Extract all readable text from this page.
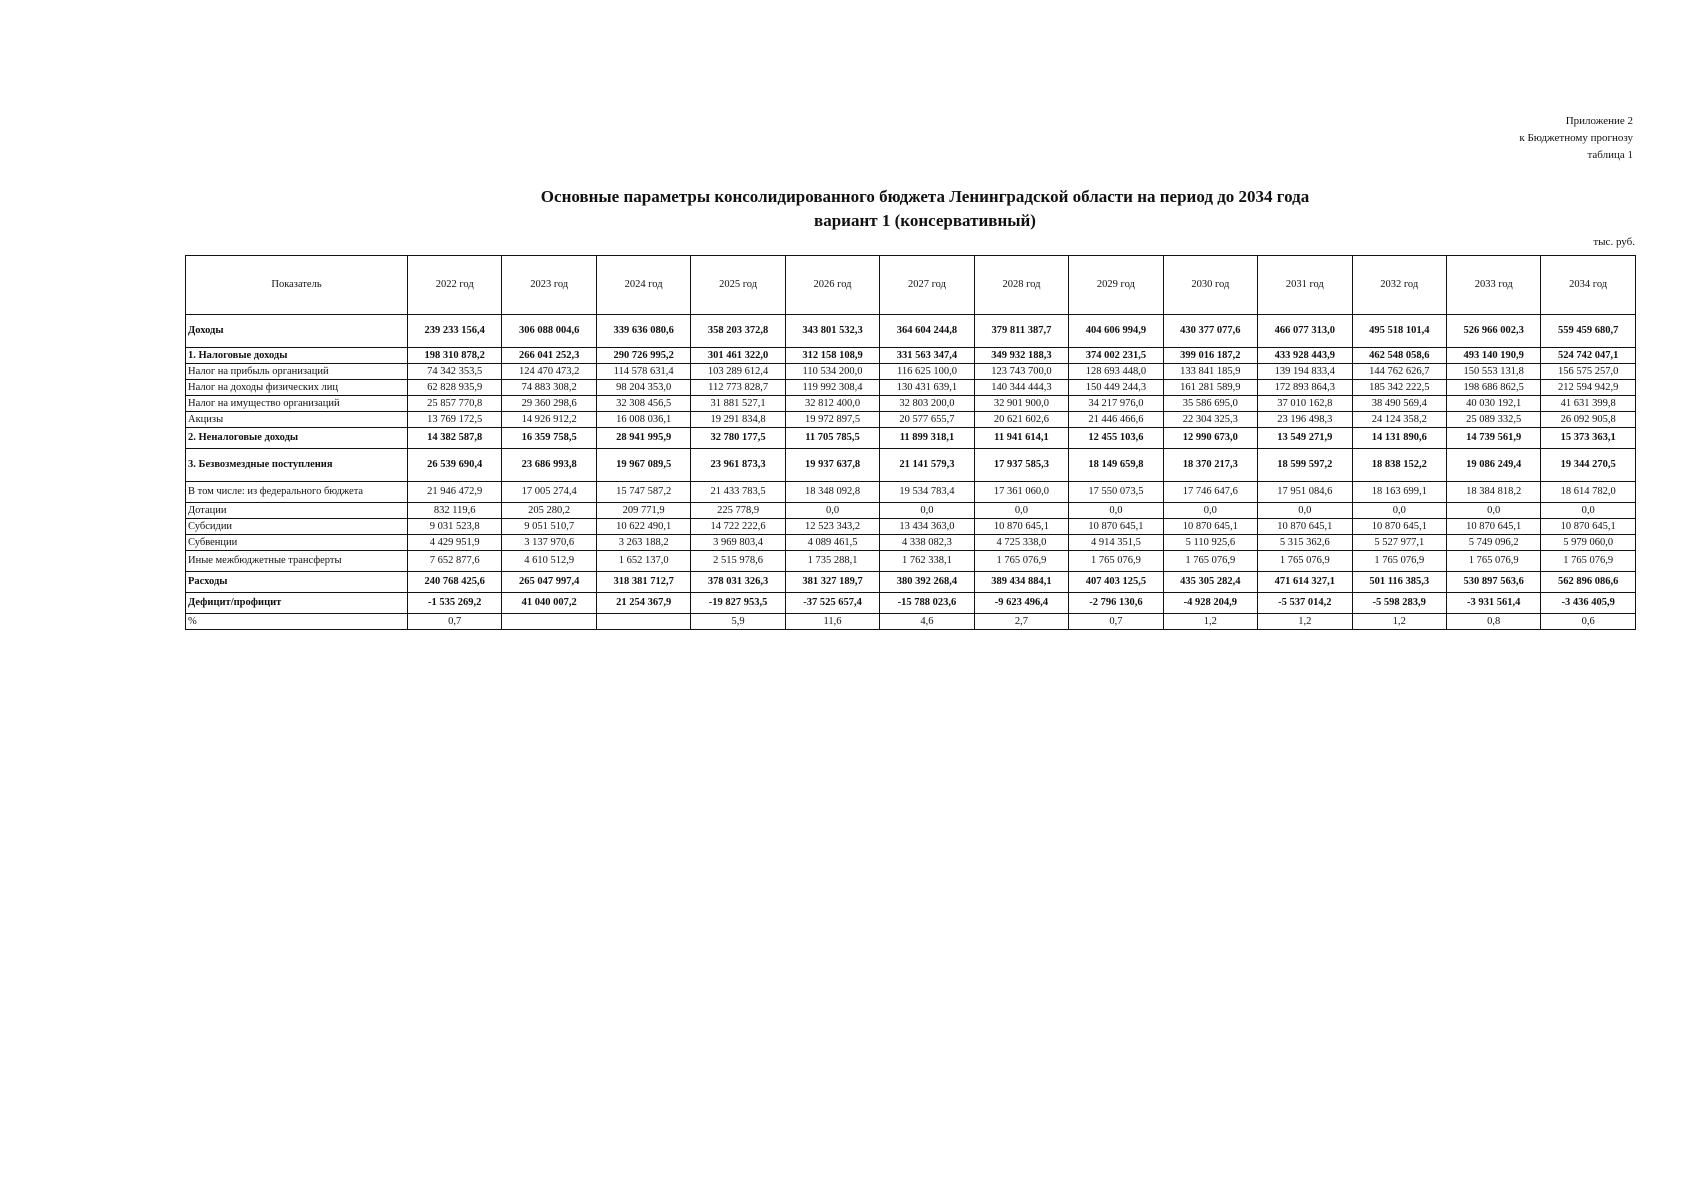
Приложение 2
к Бюджетному прогнозу
таблица 1
Основные параметры консолидированного бюджета Ленинградской области на период до 2034 года
вариант 1 (консервативный)
тыс. руб.
Показатель	2022 год	2023 год	2024 год	2025 год	2026 год	2027 год	2028 год	2029 год	2030 год	2031 год	2032 год	2033 год	2034 год
Доходы	239 233 156,4	306 088 004,6	339 636 080,6	358 203 372,8	343 801 532,3	364 604 244,8	379 811 387,7	404 606 994,9	430 377 077,6	466 077 313,0	495 518 101,4	526 966 002,3	559 459 680,7
1. Налоговые доходы	198 310 878,2	266 041 252,3	290 726 995,2	301 461 322,0	312 158 108,9	331 563 347,4	349 932 188,3	374 002 231,5	399 016 187,2	433 928 443,9	462 548 058,6	493 140 190,9	524 742 047,1
Налог на прибыль организаций	74 342 353,5	124 470 473,2	114 578 631,4	103 289 612,4	110 534 200,0	116 625 100,0	123 743 700,0	128 693 448,0	133 841 185,9	139 194 833,4	144 762 626,7	150 553 131,8	156 575 257,0
Налог на доходы физических лиц	62 828 935,9	74 883 308,2	98 204 353,0	112 773 828,7	119 992 308,4	130 431 639,1	140 344 444,3	150 449 244,3	161 281 589,9	172 893 864,3	185 342 222,5	198 686 862,5	212 594 942,9
Налог на имущество организаций	25 857 770,8	29 360 298,6	32 308 456,5	31 881 527,1	32 812 400,0	32 803 200,0	32 901 900,0	34 217 976,0	35 586 695,0	37 010 162,8	38 490 569,4	40 030 192,1	41 631 399,8
Акцизы	13 769 172,5	14 926 912,2	16 008 036,1	19 291 834,8	19 972 897,5	20 577 655,7	20 621 602,6	21 446 466,6	22 304 325,3	23 196 498,3	24 124 358,2	25 089 332,5	26 092 905,8
2. Неналоговые доходы	14 382 587,8	16 359 758,5	28 941 995,9	32 780 177,5	11 705 785,5	11 899 318,1	11 941 614,1	12 455 103,6	12 990 673,0	13 549 271,9	14 131 890,6	14 739 561,9	15 373 363,1
3. Безвозмездные поступления	26 539 690,4	23 686 993,8	19 967 089,5	23 961 873,3	19 937 637,8	21 141 579,3	17 937 585,3	18 149 659,8	18 370 217,3	18 599 597,2	18 838 152,2	19 086 249,4	19 344 270,5
В том числе: из федерального бюджета	21 946 472,9	17 005 274,4	15 747 587,2	21 433 783,5	18 348 092,8	19 534 783,4	17 361 060,0	17 550 073,5	17 746 647,6	17 951 084,6	18 163 699,1	18 384 818,2	18 614 782,0
Дотации	832 119,6	205 280,2	209 771,9	225 778,9	0,0	0,0	0,0	0,0	0,0	0,0	0,0	0,0	0,0
Субсидии	9 031 523,8	9 051 510,7	10 622 490,1	14 722 222,6	12 523 343,2	13 434 363,0	10 870 645,1	10 870 645,1	10 870 645,1	10 870 645,1	10 870 645,1	10 870 645,1	10 870 645,1
Субвенции	4 429 951,9	3 137 970,6	3 263 188,2	3 969 803,4	4 089 461,5	4 338 082,3	4 725 338,0	4 914 351,5	5 110 925,6	5 315 362,6	5 527 977,1	5 749 096,2	5 979 060,0
Иные межбюджетные трансферты	7 652 877,6	4 610 512,9	1 652 137,0	2 515 978,6	1 735 288,1	1 762 338,1	1 765 076,9	1 765 076,9	1 765 076,9	1 765 076,9	1 765 076,9	1 765 076,9	1 765 076,9
Расходы	240 768 425,6	265 047 997,4	318 381 712,7	378 031 326,3	381 327 189,7	380 392 268,4	389 434 884,1	407 403 125,5	435 305 282,4	471 614 327,1	501 116 385,3	530 897 563,6	562 896 086,6
Дефицит/профицит	-1 535 269,2	41 040 007,2	21 254 367,9	-19 827 953,5	-37 525 657,4	-15 788 023,6	-9 623 496,4	-2 796 130,6	-4 928 204,9	-5 537 014,2	-5 598 283,9	-3 931 561,4	-3 436 405,9
%	0,7			5,9	11,6	4,6	2,7	0,7	1,2	1,2	1,2	0,8	0,6
